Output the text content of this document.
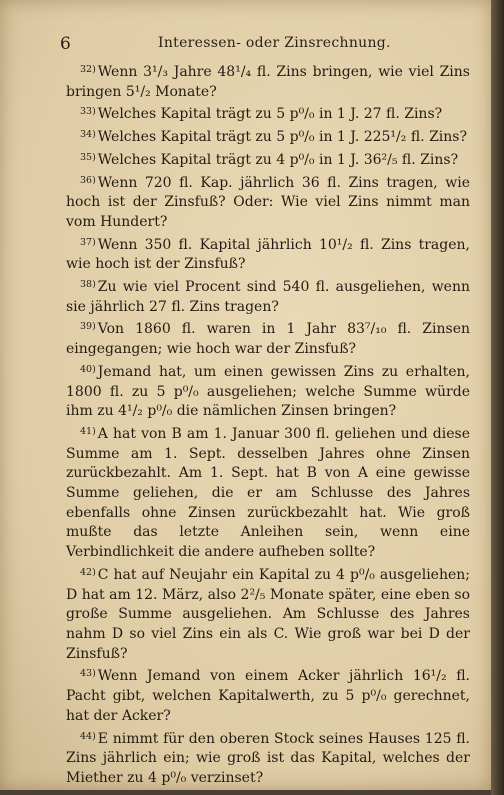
6	Interessen- oder Zinsrechnung.

$^{32)}$ Wenn 3¹/₃ Jahre 48¹/₄ fl. Zins bringen, wie viel Zins bringen 5¹/₂ Monate?

$^{33)}$ Welches Kapital trägt zu 5 p⁰/₀ in 1 J. 27 fl. Zins?

$^{34)}$ Welches Kapital trägt zu 5 p⁰/₀ in 1 J. 225¹/₂ fl. Zins?

$^{35)}$ Welches Kapital trägt zu 4 p⁰/₀ in 1 J. 36²/₅ fl. Zins?

$^{36)}$ Wenn 720 fl. Kap. jährlich 36 fl. Zins tragen, wie hoch ist der Zinsfuß? Oder: Wie viel Zins nimmt man vom Hundert?

$^{37)}$ Wenn 350 fl. Kapital jährlich 10¹/₂ fl. Zins tragen, wie hoch ist der Zinsfuß?

$^{38)}$ Zu wie viel Procent sind 540 fl. ausgeliehen, wenn sie jährlich 27 fl. Zins tragen?

$^{39)}$ Von 1860 fl. waren in 1 Jahr 83⁷/₁₀ fl. Zinsen eingegangen; wie hoch war der Zinsfuß?

$^{40)}$ Jemand hat, um einen gewissen Zins zu erhalten, 1800 fl. zu 5 p⁰/₀ ausgeliehen; welche Summe würde ihm zu 4¹/₂ p⁰/₀ die nämlichen Zinsen bringen?

$^{41)}$ A hat von B am 1. Januar 300 fl. geliehen und diese Summe am 1. Sept. desselben Jahres ohne Zinsen zurückbezahlt. Am 1. Sept. hat B von A eine gewisse Summe geliehen, die er am Schlusse des Jahres ebenfalls ohne Zinsen zurückbezahlt hat. Wie groß mußte das letzte Anleihen sein, wenn eine Verbindlichkeit die andere aufheben sollte?

$^{42)}$ C hat auf Neujahr ein Kapital zu 4 p⁰/₀ ausgeliehen; D hat am 12. März, also 2²/₅ Monate später, eine eben so große Summe ausgeliehen. Am Schlusse des Jahres nahm D so viel Zins ein als C. Wie groß war bei D der Zinsfuß?

$^{43)}$ Wenn Jemand von einem Acker jährlich 16¹/₂ fl. Pacht gibt, welchen Kapitalwerth, zu 5 p⁰/₀ gerechnet, hat der Acker?

$^{44)}$ E nimmt für den oberen Stock seines Hauses 125 fl. Zins jährlich ein; wie groß ist das Kapital, welches der Miether zu 4 p⁰/₀ verzinset?
